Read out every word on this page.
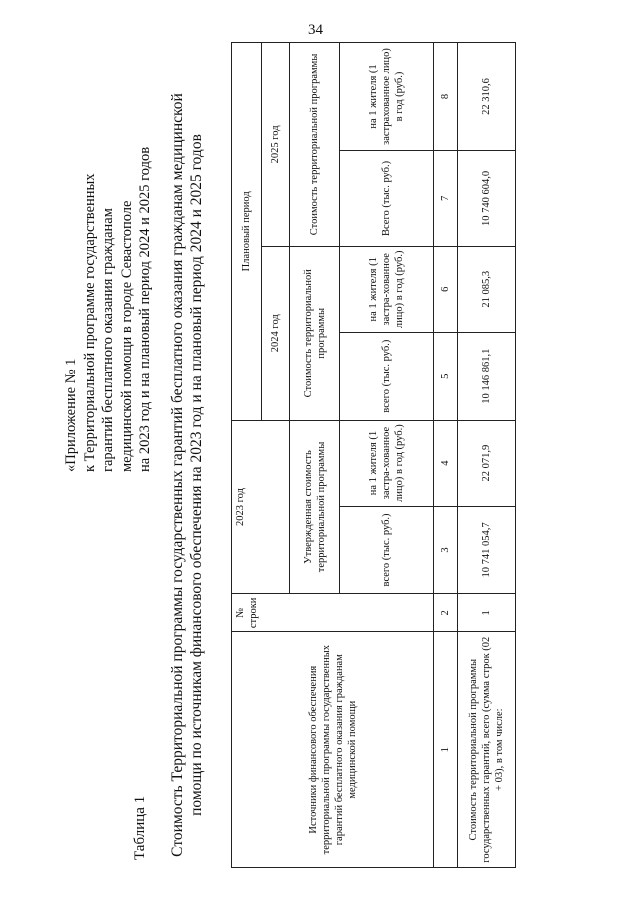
34
«Приложение № 1 к Территориальной программе государственных гарантий бесплатного оказания гражданам медицинской помощи в городе Севастополе на 2023 год и на плановый период 2024 и 2025 годов
Таблица 1 Стоимость Территориальной программы государственных гарантий бесплатного оказания гражданам медицинской помощи по источникам финансового обеспечения на 2023 год и на плановый период 2024 и 2025 годов	Источники финансового обеспечения территориальной программы государственных гарантий бесплатного оказания гражданам медицинской помощи	№ строки	2023 год		Плановый период			
				2024 год		2025 год	
		Утвержденная стоимость территориальной программы		Стоимость территориальной программы		Стоимость территориальной программы	
		всего (тыс. руб.)	на 1 жителя (1 застра-хованное лицо) в год (руб.)	всего (тыс. руб.)	на 1 жителя (1 застра-хованное лицо) в год (руб.)	Всего (тыс. руб.)	на 1 жителя (1 застрахованное лицо) в год (руб.)
1	2	3	4	5	6	7	8
Стоимость территориальной программы государственных гарантий, всего (сумма строк (02 + 03), в том числе:	1	10 741 054,7	22 071,9	10 146 861,1	21 085,3	10 740 604,0	22 310,6
